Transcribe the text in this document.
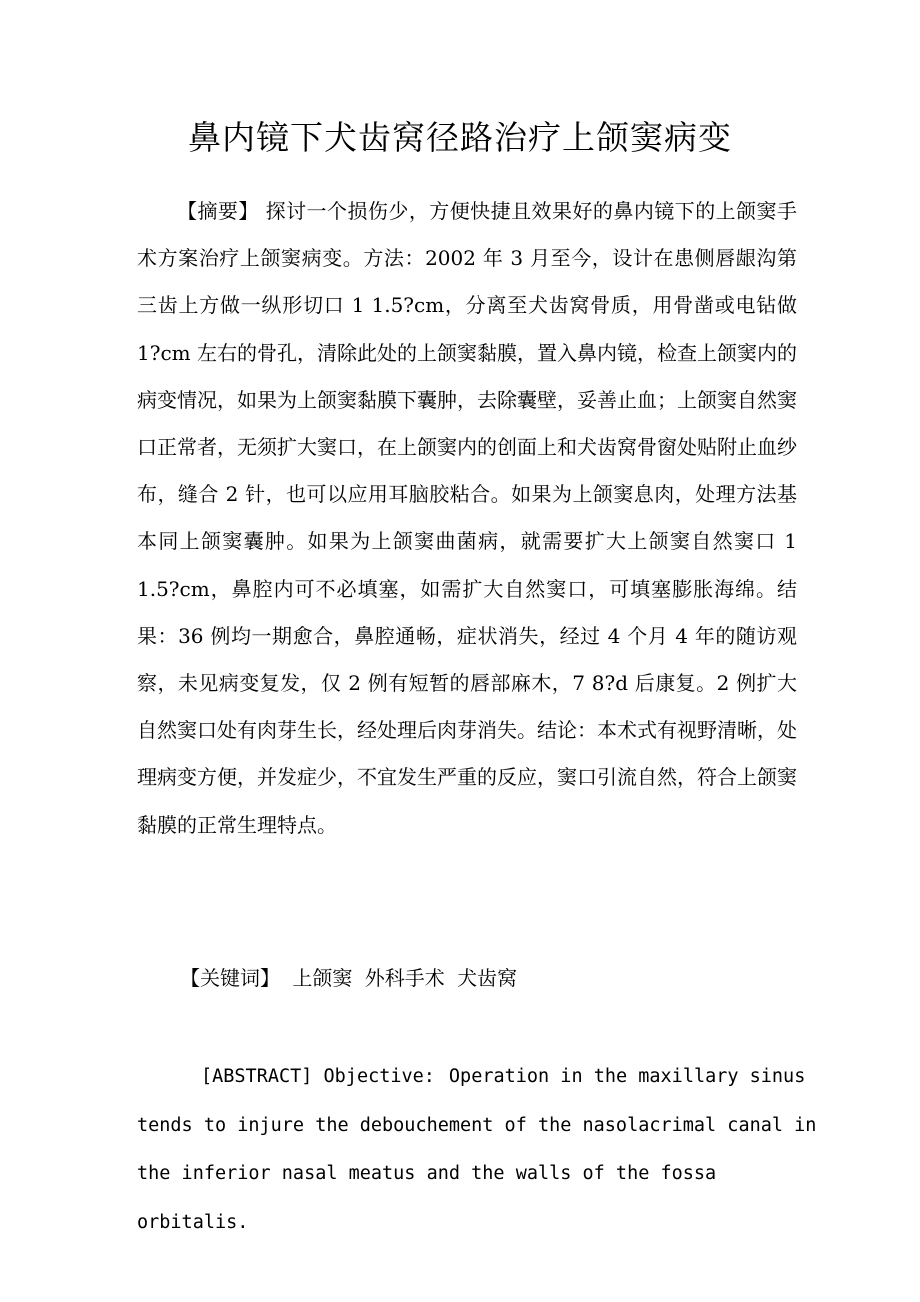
鼻内镜下犬齿窝径路治疗上颌窦病变
【摘要】 探讨一个损伤少，方便快捷且效果好的鼻内镜下的上颌窦手术方案治疗上颌窦病变。方法：2002 年 3 月至今，设计在患侧唇龈沟第三齿上方做一纵形切口 1 1.5?cm，分离至犬齿窝骨质，用骨凿或电钻做 1?cm 左右的骨孔，清除此处的上颌窦黏膜，置入鼻内镜，检查上颌窦内的病变情况，如果为上颌窦黏膜下囊肿，去除囊壁，妥善止血；上颌窦自然窦口正常者，无须扩大窦口，在上颌窦内的创面上和犬齿窝骨窗处贴附止血纱布，缝合 2 针，也可以应用耳脑胶粘合。如果为上颌窦息肉，处理方法基本同上颌窦囊肿。如果为上颌窦曲菌病，就需要扩大上颌窦自然窦口 1 1.5?cm，鼻腔内可不必填塞，如需扩大自然窦口，可填塞膨胀海绵。结果：36 例均一期愈合，鼻腔通畅，症状消失，经过 4 个月 4 年的随访观察，未见病变复发，仅 2 例有短暂的唇部麻木，7 8?d 后康复。2 例扩大自然窦口处有肉芽生长，经处理后肉芽消失。结论：本术式有视野清晰，处理病变方便，并发症少，不宜发生严重的反应，窦口引流自然，符合上颌窦黏膜的正常生理特点。
【关键词】 上颌窦 外科手术 犬齿窝
[ABSTRACT] Objective: Operation in the maxillary sinus tends to injure the debouchement of the nasolacrimal canal in the inferior nasal meatus and the walls of the fossa orbitalis.
